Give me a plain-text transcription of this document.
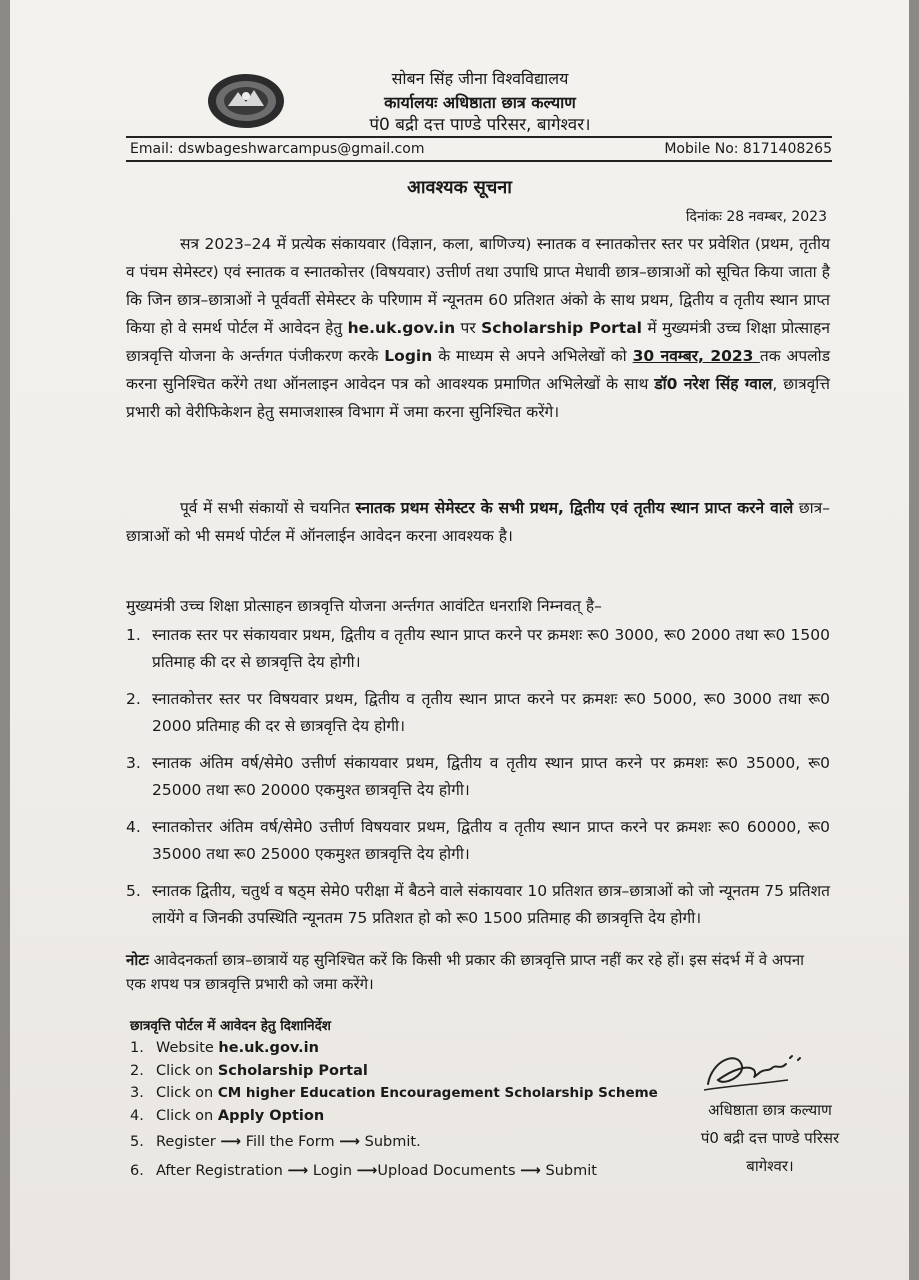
सोबन सिंह जीना विश्वविद्यालय
कार्यालयः अधिष्ठाता छात्र कल्याण
पं0 बद्री दत्त पाण्डे परिसर, बागेश्वर।
Email: dswbageshwarcampus@gmail.com	Mobile No: 8171408265
आवश्यक सूचना
दिनांकः 28 नवम्बर, 2023
सत्र 2023–24 में प्रत्येक संकायवार (विज्ञान, कला, बाणिज्य) स्नातक व स्नातकोत्तर स्तर पर प्रवेशित (प्रथम, तृतीय व पंचम सेमेस्टर) एवं स्नातक व स्नातकोत्तर (विषयवार) उत्तीर्ण तथा उपाधि प्राप्त मेधावी छात्र–छात्राओं को सूचित किया जाता है कि जिन छात्र–छात्राओं ने पूर्ववर्ती सेमेस्टर के परिणाम में न्यूनतम 60 प्रतिशत अंको के साथ प्रथम, द्वितीय व तृतीय स्थान प्राप्त किया हो वे समर्थ पोर्टल में आवेदन हेतु he.uk.gov.in पर Scholarship Portal में मुख्यमंत्री उच्च शिक्षा प्रोत्साहन छात्रवृत्ति योजना के अर्न्तगत पंजीकरण करके Login के माध्यम से अपने अभिलेखों को 30 नवम्बर, 2023 तक अपलोड करना सुनिश्चित करेंगे तथा ऑनलाइन आवेदन पत्र को आवश्यक प्रमाणित अभिलेखों के साथ डॉ0 नरेश सिंह ग्वाल, छात्रवृत्ति प्रभारी को वेरीफिकेशन हेतु समाजशास्त्र विभाग में जमा करना सुनिश्चित करेंगे।
पूर्व में सभी संकायों से चयनित स्नातक प्रथम सेमेस्टर के सभी प्रथम, द्वितीय एवं तृतीय स्थान प्राप्त करने वाले छात्र–छात्राओं को भी समर्थ पोर्टल में ऑनलाईन आवेदन करना आवश्यक है।
मुख्यमंत्री उच्च शिक्षा प्रोत्साहन छात्रवृत्ति योजना अर्न्तगत आवंटित धनराशि निम्नवत् है–
1. स्नातक स्तर पर संकायवार प्रथम, द्वितीय व तृतीय स्थान प्राप्त करने पर क्रमशः रू0 3000, रू0 2000 तथा रू0 1500 प्रतिमाह की दर से छात्रवृत्ति देय होगी।
2. स्नातकोत्तर स्तर पर विषयवार प्रथम, द्वितीय व तृतीय स्थान प्राप्त करने पर क्रमशः रू0 5000, रू0 3000 तथा रू0 2000 प्रतिमाह की दर से छात्रवृत्ति देय होगी।
3. स्नातक अंतिम वर्ष/सेमे0 उत्तीर्ण संकायवार प्रथम, द्वितीय व तृतीय स्थान प्राप्त करने पर क्रमशः रू0 35000, रू0 25000 तथा रू0 20000 एकमुश्त छात्रवृत्ति देय होगी।
4. स्नातकोत्तर अंतिम वर्ष/सेमे0 उत्तीर्ण विषयवार प्रथम, द्वितीय व तृतीय स्थान प्राप्त करने पर क्रमशः रू0 60000, रू0 35000 तथा रू0 25000 एकमुश्त छात्रवृत्ति देय होगी।
5. स्नातक द्वितीय, चतुर्थ व षठ्म सेमे0 परीक्षा में बैठने वाले संकायवार 10 प्रतिशत छात्र–छात्राओं को जो न्यूनतम 75 प्रतिशत लायेंगे व जिनकी उपस्थिति न्यूनतम 75 प्रतिशत हो को रू0 1500 प्रतिमाह की छात्रवृत्ति देय होगी।
नोटः आवेदनकर्ता छात्र–छात्रायें यह सुनिश्चित करें कि किसी भी प्रकार की छात्रवृत्ति प्राप्त नहीं कर रहे हों। इस संदर्भ में वे अपना एक शपथ पत्र छात्रवृत्ति प्रभारी को जमा करेंगे।
छात्रवृत्ति पोर्टल में आवेदन हेतु दिशानिर्देश
1. Website he.uk.gov.in
2. Click on Scholarship Portal
3. Click on CM higher Education Encouragement Scholarship Scheme
4. Click on Apply Option
5. Register ⟶ Fill the Form ⟶ Submit.
6. After Registration ⟶ Login ⟶Upload Documents ⟶ Submit
अधिष्ठाता छात्र कल्याण
पं0 बद्री दत्त पाण्डे परिसर
बागेश्वर।
